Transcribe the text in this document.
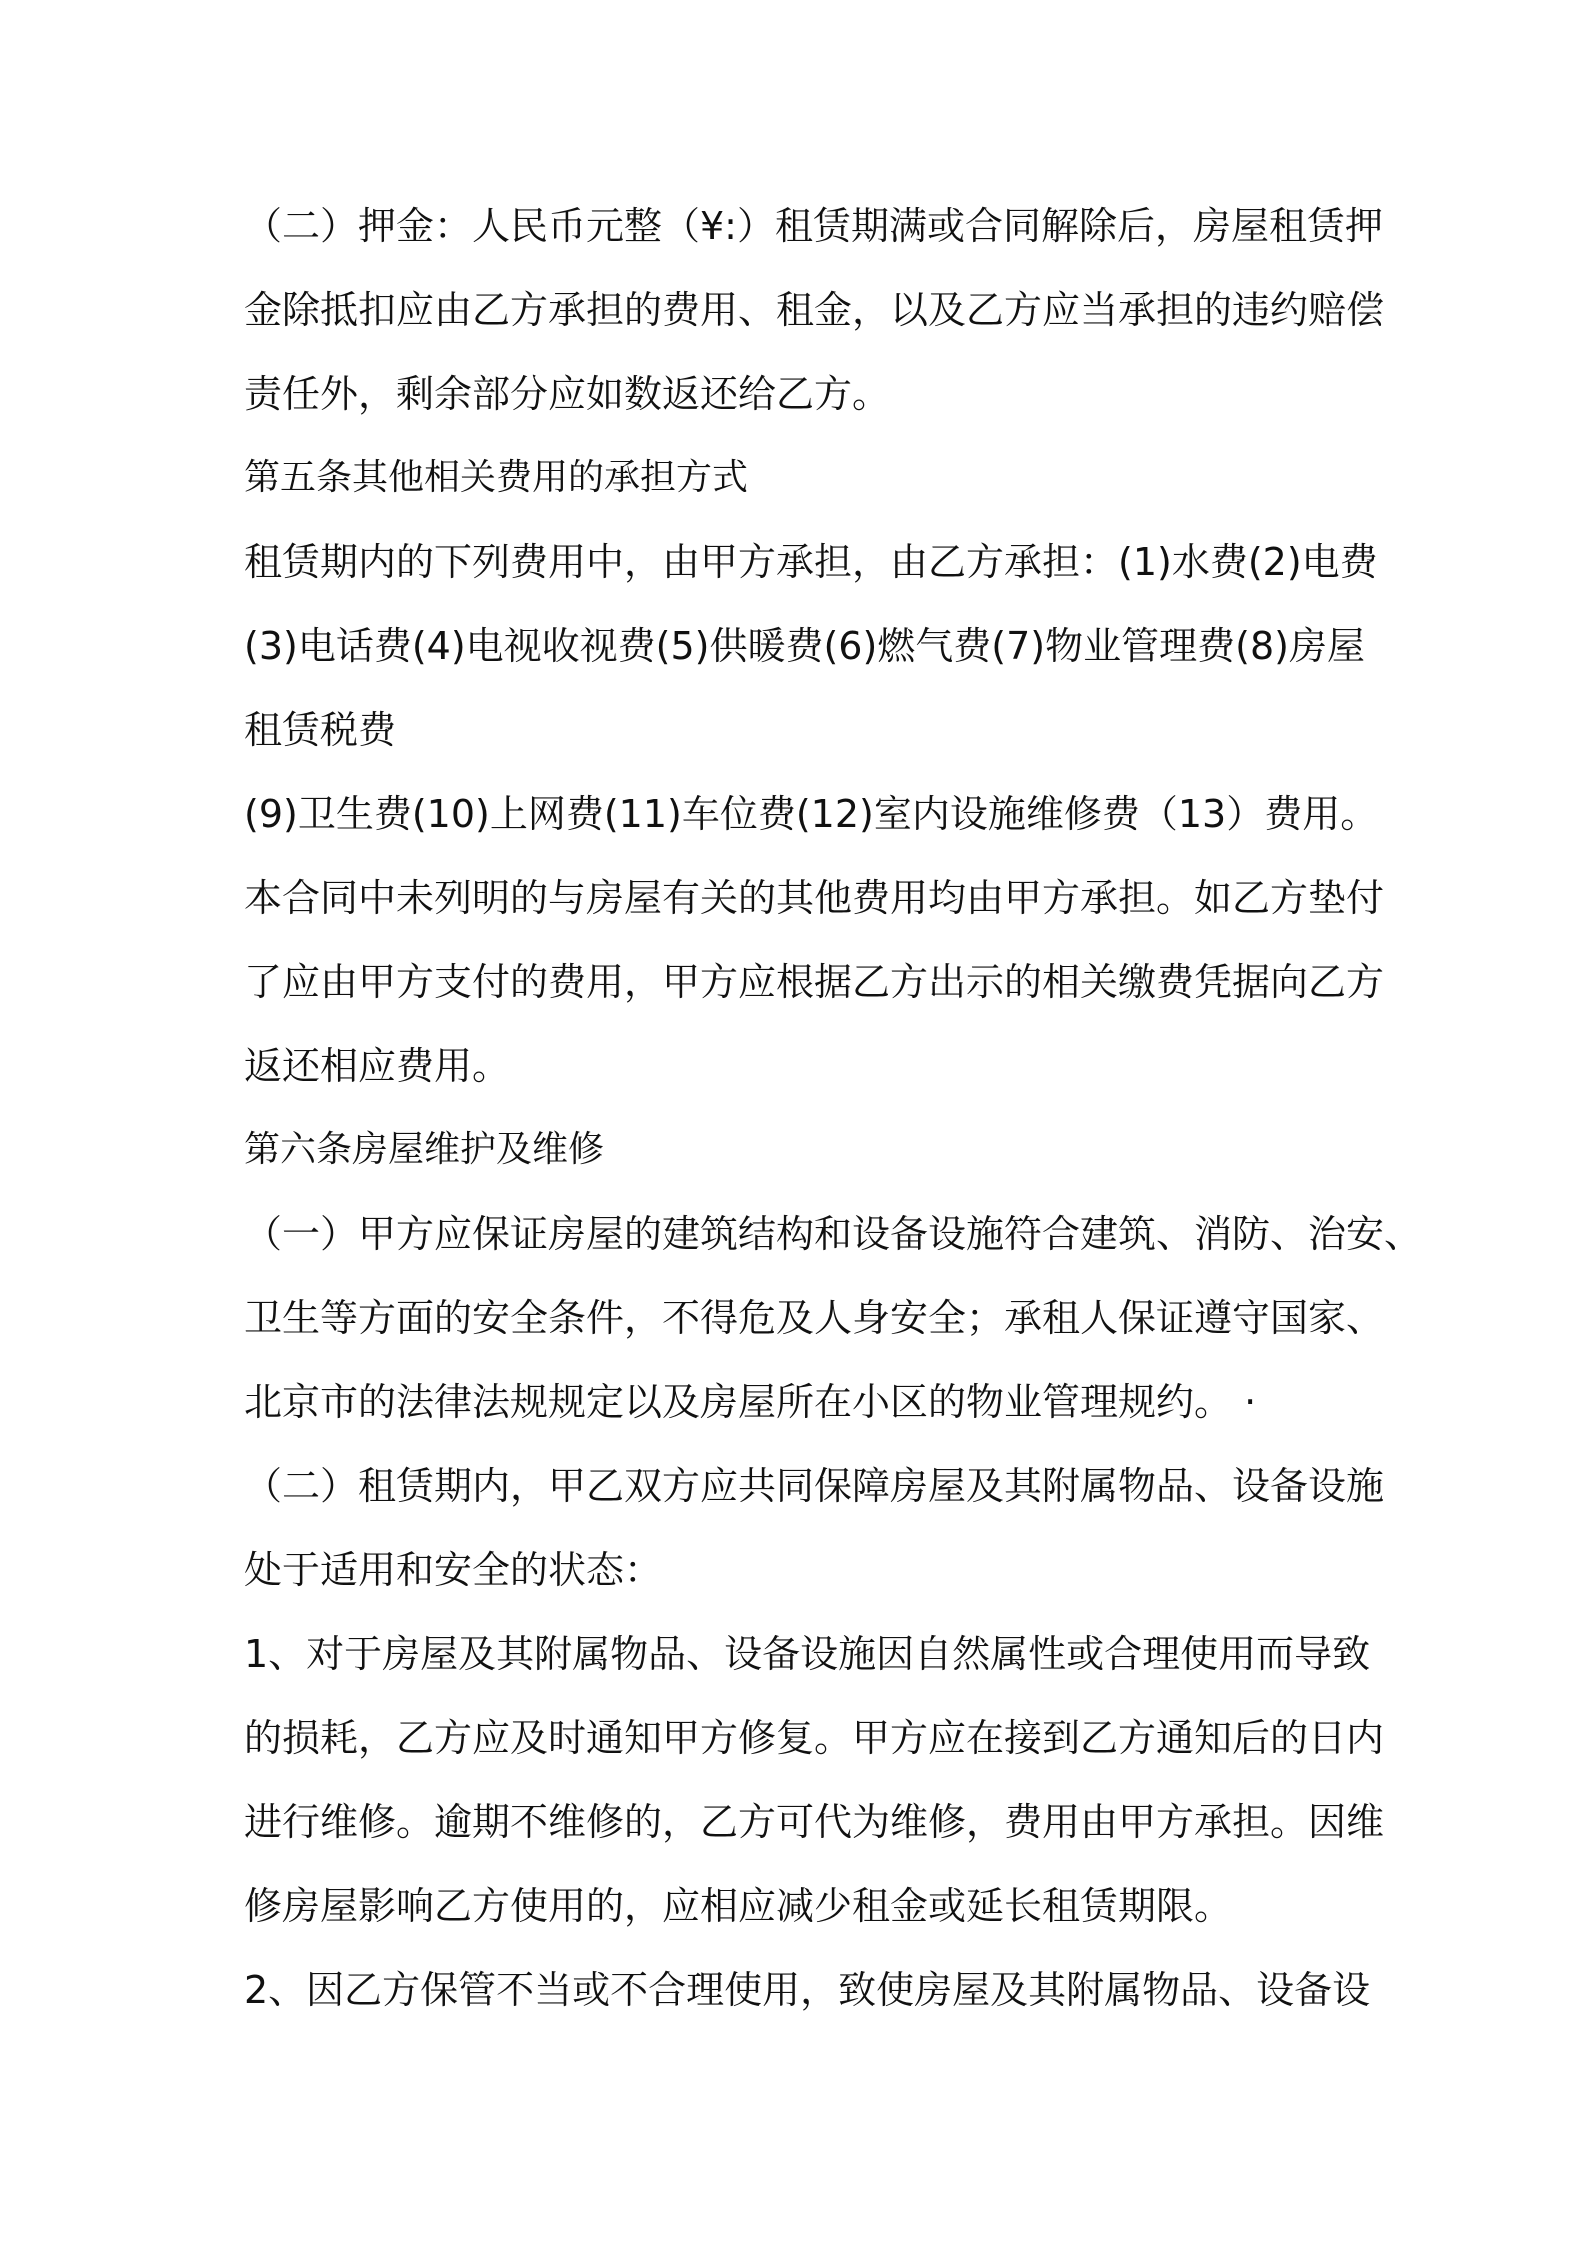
（二）押金：人民币元整（¥:）租赁期满或合同解除后，房屋租赁押
金除抵扣应由乙方承担的费用、租金，以及乙方应当承担的违约赔偿
责任外，剩余部分应如数返还给乙方。
第五条其他相关费用的承担方式
租赁期内的下列费用中，由甲方承担，由乙方承担：(1)水费(2)电费
(3)电话费(4)电视收视费(5)供暖费(6)燃气费(7)物业管理费(8)房屋
租赁税费
(9)卫生费(10)上网费(11)车位费(12)室内设施维修费（13）费用。
本合同中未列明的与房屋有关的其他费用均由甲方承担。如乙方垫付
了应由甲方支付的费用，甲方应根据乙方出示的相关缴费凭据向乙方
返还相应费用。
第六条房屋维护及维修
（一）甲方应保证房屋的建筑结构和设备设施符合建筑、消防、治安、
卫生等方面的安全条件，不得危及人身安全；承租人保证遵守国家、
北京市的法律法规规定以及房屋所在小区的物业管理规约。 ·
（二）租赁期内，甲乙双方应共同保障房屋及其附属物品、设备设施
处于适用和安全的状态：
1、对于房屋及其附属物品、设备设施因自然属性或合理使用而导致
的损耗，乙方应及时通知甲方修复。甲方应在接到乙方通知后的日内
进行维修。逾期不维修的，乙方可代为维修，费用由甲方承担。因维
修房屋影响乙方使用的，应相应减少租金或延长租赁期限。
2、因乙方保管不当或不合理使用，致使房屋及其附属物品、设备设
